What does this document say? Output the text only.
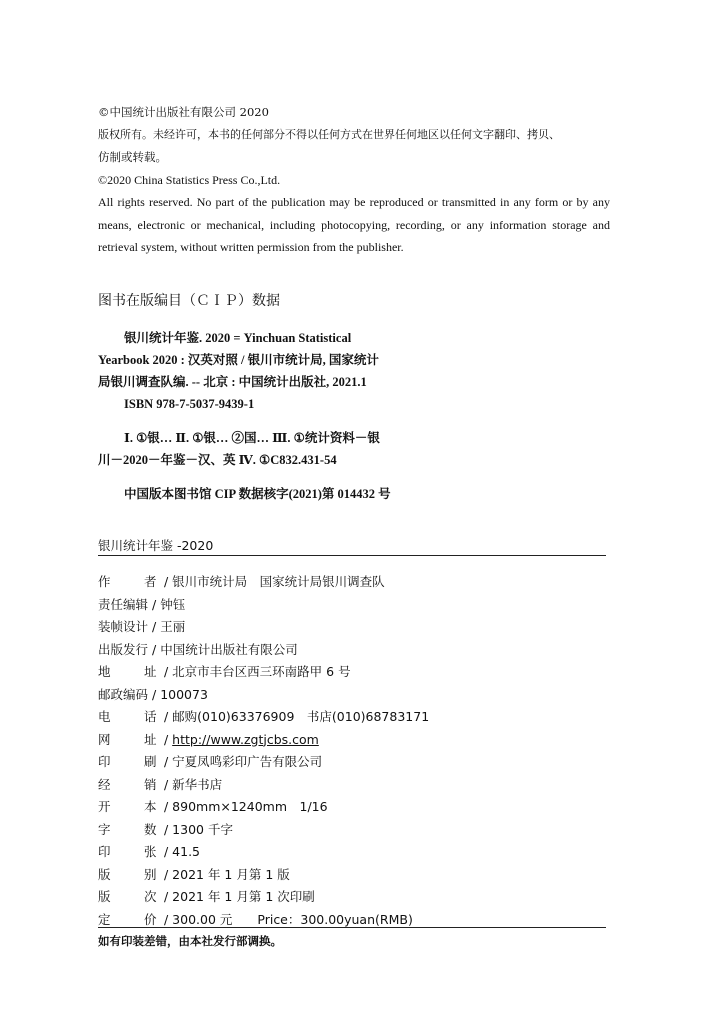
©中国统计出版社有限公司 2020
版权所有。未经许可，本书的任何部分不得以任何方式在世界任何地区以任何文字翻印、拷贝、
仿制或转载。
©2020 China Statistics Press Co.,Ltd.
All rights reserved. No part of the publication may be reproduced or transmitted in any form or by any means, electronic or mechanical, including photocopying, recording, or any information storage and retrieval system, without written permission from the publisher.
图书在版编目（ＣＩＰ）数据
银川统计年鉴. 2020 = Yinchuan Statistical
Yearbook 2020 : 汉英对照 / 银川市统计局, 国家统计
局银川调查队编. -- 北京 : 中国统计出版社, 2021.1
ISBN 978-7-5037-9439-1
Ⅰ. ①银… Ⅱ. ①银… ②国… Ⅲ. ①统计资料－银
川－2020－年鉴－汉、英 Ⅳ. ①C832.431-54
中国版本图书馆 CIP 数据核字(2021)第 014432 号
银川统计年鉴 -2020
作	者 / 银川市统计局　国家统计局银川调查队
责任编辑 / 钟钰
装帧设计 / 王丽
出版发行 / 中国统计出版社有限公司
地	址 / 北京市丰台区西三环南路甲 6 号
邮政编码 / 100073
电	话 / 邮购(010)63376909　书店(010)68783171
网	址 / http://www.zgtjcbs.com
印	刷 / 宁夏凤鸣彩印广告有限公司
经	销 / 新华书店
开	本 / 890mm×1240mm　1/16
字	数 / 1300 千字
印	张 / 41.5
版	别 / 2021 年 1 月第 1 版
版	次 / 2021 年 1 月第 1 次印刷
定	价 / 300.00 元　　Price：300.00yuan(RMB)
如有印装差错，由本社发行部调换。
